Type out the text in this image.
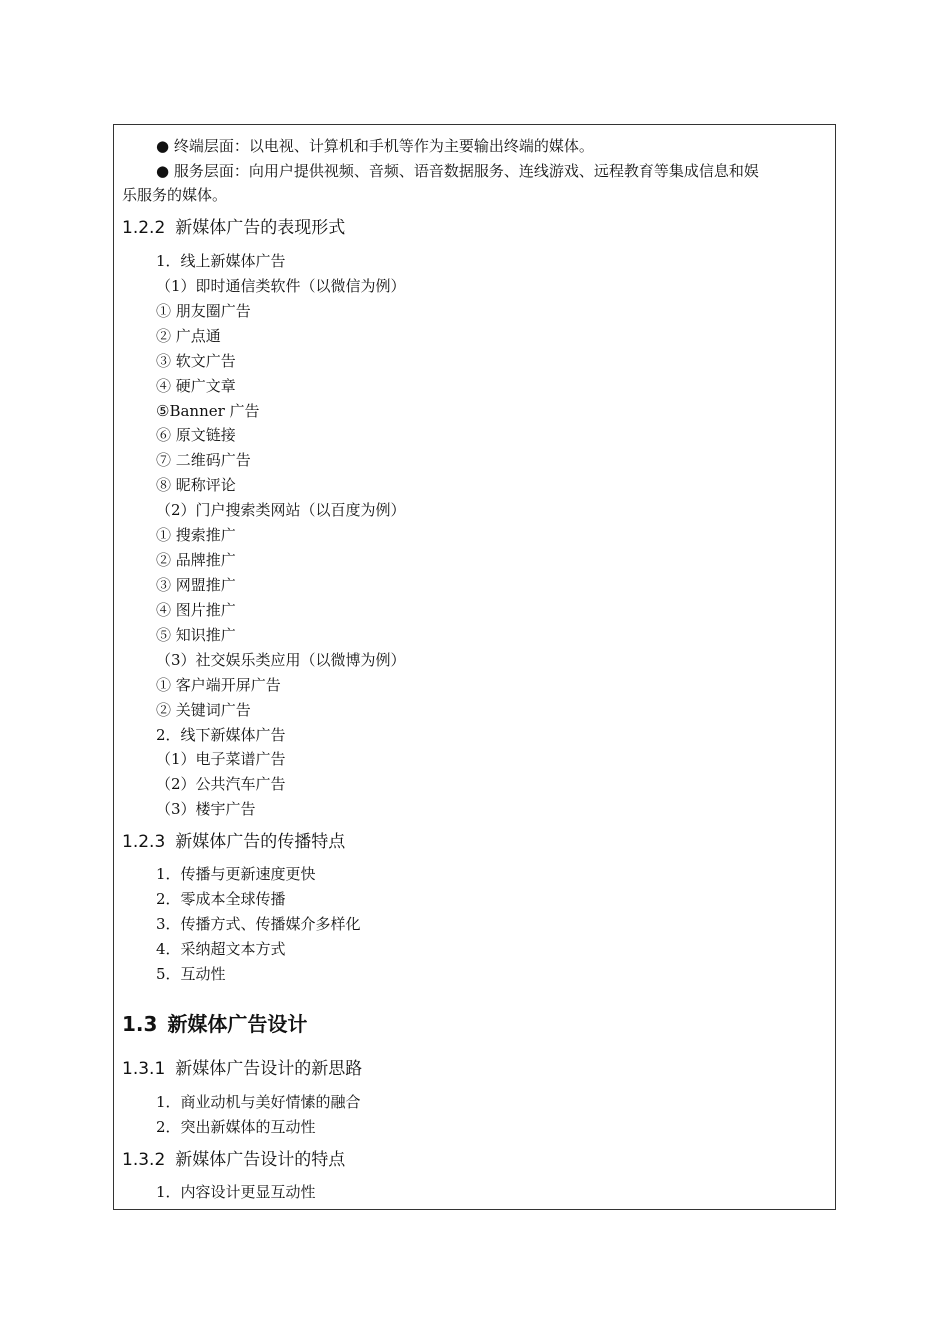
● 终端层面：以电视、计算机和手机等作为主要输出终端的媒体。
● 服务层面：向用户提供视频、音频、语音数据服务、连线游戏、远程教育等集成信息和娱
乐服务的媒体。
1.2.2 新媒体广告的表现形式
1．线上新媒体广告
（1）即时通信类软件（以微信为例）
① 朋友圈广告
② 广点通
③ 软文广告
④ 硬广文章
⑤Banner 广告
⑥ 原文链接
⑦ 二维码广告
⑧ 昵称评论
（2）门户搜索类网站（以百度为例）
① 搜索推广
② 品牌推广
③ 网盟推广
④ 图片推广
⑤ 知识推广
（3）社交娱乐类应用（以微博为例）
① 客户端开屏广告
② 关键词广告
2．线下新媒体广告
（1）电子菜谱广告
（2）公共汽车广告
（3）楼宇广告
1.2.3 新媒体广告的传播特点
1．传播与更新速度更快
2．零成本全球传播
3．传播方式、传播媒介多样化
4．采纳超文本方式
5．互动性
1.3 新媒体广告设计
1.3.1 新媒体广告设计的新思路
1．商业动机与美好情愫的融合
2．突出新媒体的互动性
1.3.2 新媒体广告设计的特点
1．内容设计更显互动性
